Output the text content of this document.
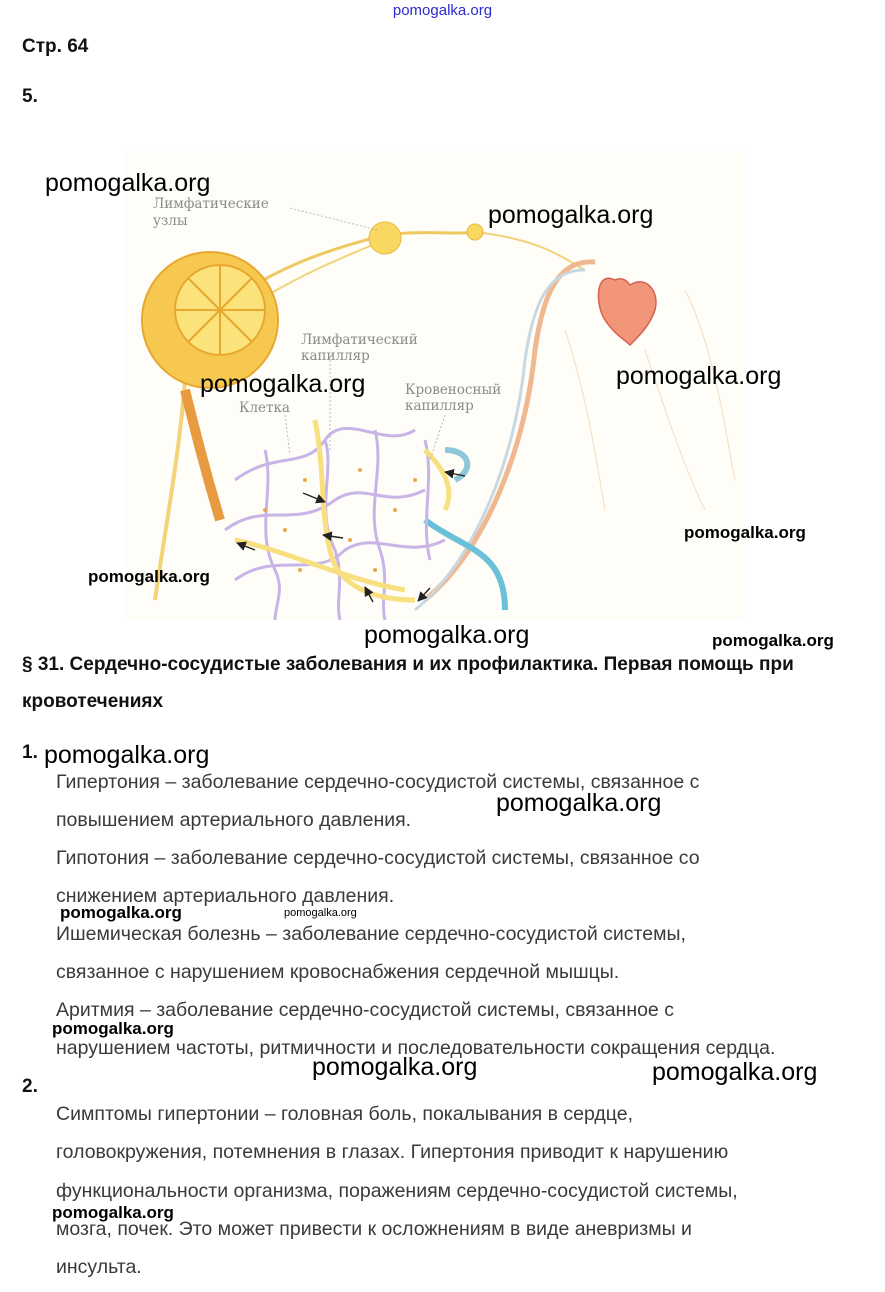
pomogalka.org
Стр. 64
5.
Лимфатические
узлы
Лимфатический
капилляр
Клетка
Кровеносный
капилляр
§ 31. Сердечно-сосудистые заболевания и их профилактика. Первая помощь при кровотечениях
1.
Гипертония – заболевание сердечно-сосудистой системы, связанное с
повышением артериального давления.
Гипотония – заболевание сердечно-сосудистой системы, связанное со
снижением артериального давления.
Ишемическая болезнь – заболевание сердечно-сосудистой системы,
связанное с нарушением кровоснабжения сердечной мышцы.
Аритмия – заболевание сердечно-сосудистой системы, связанное с
нарушением частоты, ритмичности и последовательности сокращения сердца.
2.
Симптомы гипертонии – головная боль, покалывания в сердце,
головокружения, потемнения в глазах. Гипертония приводит к нарушению
функциональности организма, поражениям сердечно-сосудистой системы,
мозга, почек. Это может привести к осложнениям в виде аневризмы и
инсульта.
pomogalka.org
pomogalka.org
pomogalka.org	pomogalka.org
pomogalka.org
pomogalka.org
pomogalka.org	pomogalka.org
pomogalka.org
pomogalka.org
pomogalka.org	pomogalka.org
pomogalka.org
pomogalka.org	pomogalka.org
pomogalka.org
